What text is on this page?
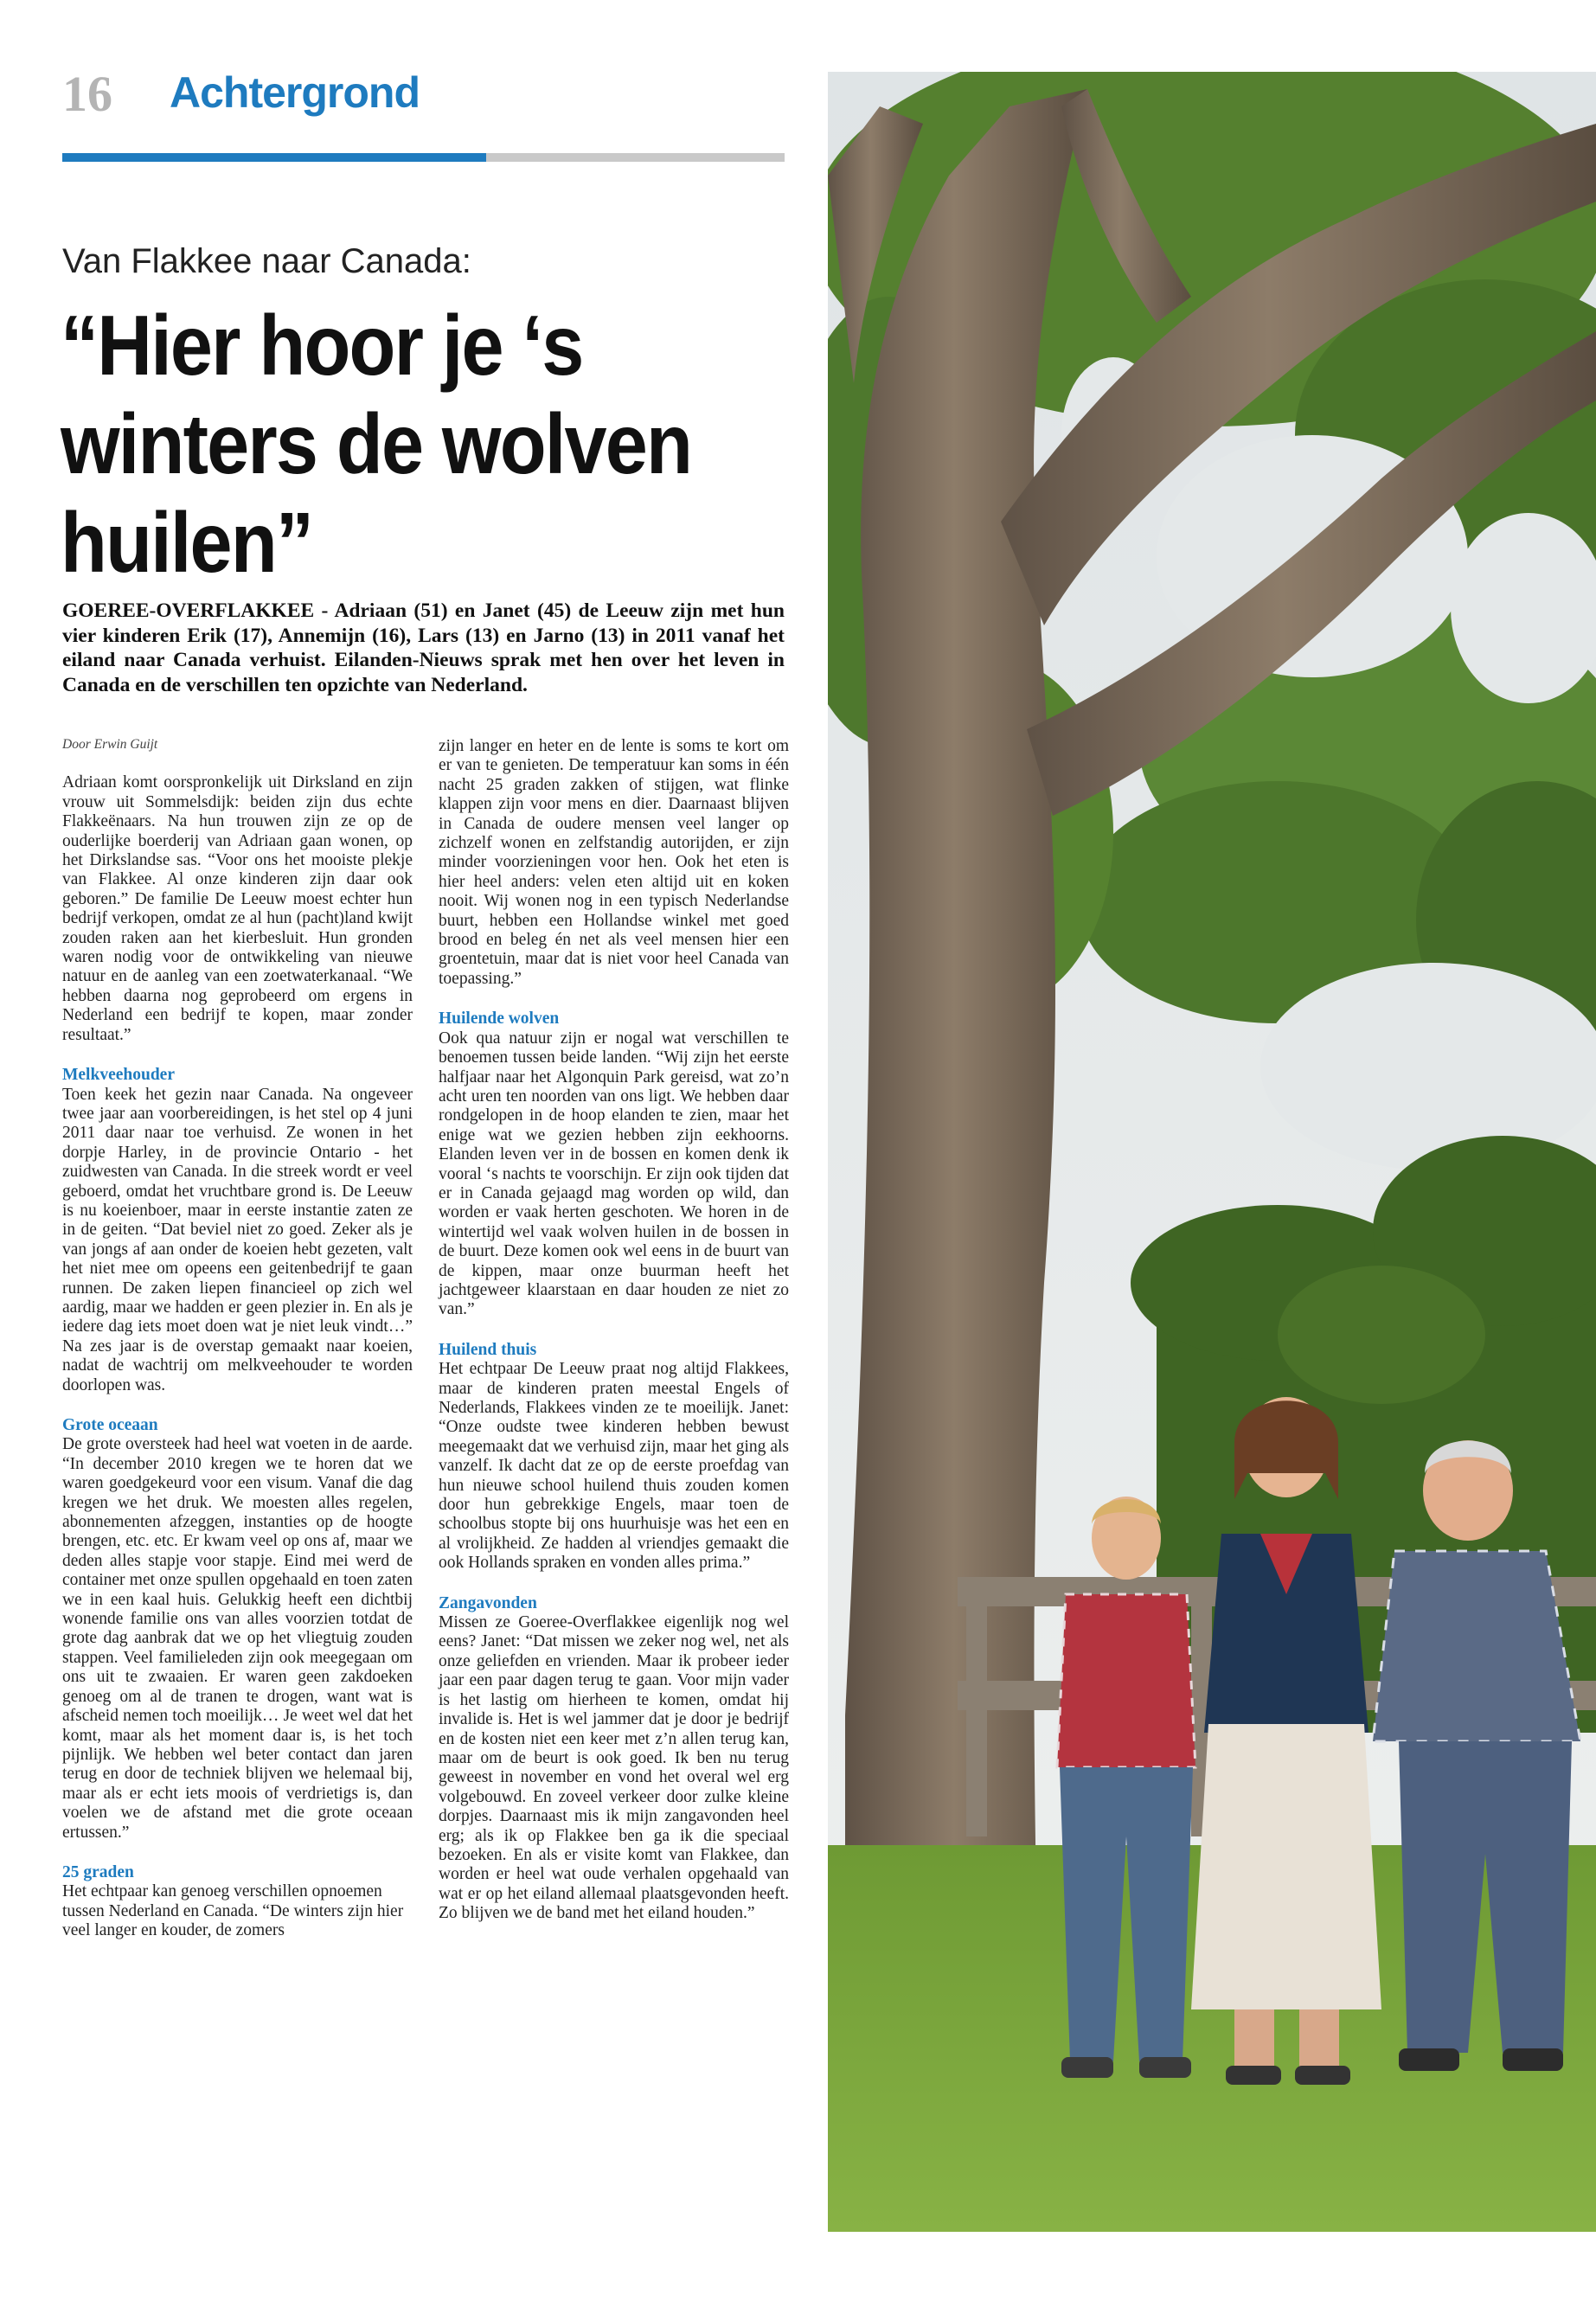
16 Achtergrond
Van Flakkee naar Canada:
“Hier hoor je ‘s winters de wolven huilen”

GOEREE-OVERFLAKKEE - Adriaan (51) en Janet (45) de Leeuw zijn met hun vier kinderen Erik (17), Annemijn (16), Lars (13) en Jarno (13) in 2011 vanaf het eiland naar Canada verhuist. Eilanden-Nieuws sprak met hen over het leven in Canada en de verschillen ten opzichte van Nederland.

Door Erwin Guijt

Adriaan komt oorspronkelijk uit Dirksland en zijn vrouw uit Sommelsdijk: beiden zijn dus echte Flakkeënaars. Na hun trouwen zijn ze op de ouderlijke boerderij van Adriaan gaan wonen, op het Dirkslandse sas. “Voor ons het mooiste plekje van Flakkee. Al onze kinderen zijn daar ook geboren.” De familie De Leeuw moest echter hun bedrijf verkopen, omdat ze al hun (pacht)land kwijt zouden raken aan het kierbesluit. Hun gronden waren nodig voor de ontwikkeling van nieuwe natuur en de aanleg van een zoetwaterkanaal. “We hebben daarna nog geprobeerd om ergens in Nederland een bedrijf te kopen, maar zonder resultaat.”

Melkveehouder

Toen keek het gezin naar Canada. Na ongeveer twee jaar aan voorbereidingen, is het stel op 4 juni 2011 daar naar toe verhuisd. Ze wonen in het dorpje Harley, in de provincie Ontario - het zuidwesten van Canada. In die streek wordt er veel geboerd, omdat het vruchtbare grond is. De Leeuw is nu koeienboer, maar in eerste instantie zaten ze in de geiten. “Dat beviel niet zo goed. Zeker als je van jongs af aan onder de koeien hebt gezeten, valt het niet mee om opeens een geitenbedrijf te gaan runnen. De zaken liepen financieel op zich wel aardig, maar we hadden er geen plezier in. En als je iedere dag iets moet doen wat je niet leuk vindt…” Na zes jaar is de overstap gemaakt naar koeien, nadat de wachtrij om melkveehouder te worden doorlopen was.

Grote oceaan

De grote oversteek had heel wat voeten in de aarde. “In december 2010 kregen we te horen dat we waren goedgekeurd voor een visum. Vanaf die dag kregen we het druk. We moesten alles regelen, abonnementen afzeggen, instanties op de hoogte brengen, etc. etc. Er kwam veel op ons af, maar we deden alles stapje voor stapje. Eind mei werd de container met onze spullen opgehaald en toen zaten we in een kaal huis. Gelukkig heeft een dichtbij wonende familie ons van alles voorzien totdat de grote dag aanbrak dat we op het vliegtuig zouden stappen. Veel familieleden zijn ook meegegaan om ons uit te zwaaien. Er waren geen zakdoeken genoeg om al de tranen te drogen, want wat is afscheid nemen toch moeilijk… Je weet wel dat het komt, maar als het moment daar is, is het toch pijnlijk. We hebben wel beter contact dan jaren terug en door de techniek blijven we helemaal bij, maar als er echt iets moois of verdrietigs is, dan voelen we de afstand met die grote oceaan ertussen.”

25 graden

Het echtpaar kan genoeg verschillen opnoemen tussen Nederland en Canada. “De winters zijn hier veel langer en kouder, de zomers

zijn langer en heter en de lente is soms te kort om er van te genieten. De temperatuur kan soms in één nacht 25 graden zakken of stijgen, wat flinke klappen zijn voor mens en dier. Daarnaast blijven in Canada de oudere mensen veel langer op zichzelf wonen en zelfstandig autorijden, er zijn minder voorzieningen voor hen. Ook het eten is hier heel anders: velen eten altijd uit en koken nooit. Wij wonen nog in een typisch Nederlandse buurt, hebben een Hollandse winkel met goed brood en beleg én net als veel mensen hier een groentetuin, maar dat is niet voor heel Canada van toepassing.”

Huilende wolven

Ook qua natuur zijn er nogal wat verschillen te benoemen tussen beide landen. “Wij zijn het eerste halfjaar naar het Algonquin Park gereisd, wat zo’n acht uren ten noorden van ons ligt. We hebben daar rondgelopen in de hoop elanden te zien, maar het enige wat we gezien hebben zijn eekhoorns. Elanden leven ver in de bossen en komen denk ik vooral ‘s nachts te voorschijn. Er zijn ook tijden dat er in Canada gejaagd mag worden op wild, dan worden er vaak herten geschoten. We horen in de wintertijd wel vaak wolven huilen in de bossen in de buurt. Deze komen ook wel eens in de buurt van de kippen, maar onze buurman heeft het jachtgeweer klaarstaan en daar houden ze niet zo van.”

Huilend thuis

Het echtpaar De Leeuw praat nog altijd Flakkees, maar de kinderen praten meestal Engels of Nederlands, Flakkees vinden ze te moeilijk. Janet: “Onze oudste twee kinderen hebben bewust meegemaakt dat we verhuisd zijn, maar het ging als vanzelf. Ik dacht dat ze op de eerste proefdag van hun nieuwe school huilend thuis zouden komen door hun gebrekkige Engels, maar toen de schoolbus stopte bij ons huurhuisje was het een en al vrolijkheid. Ze hadden al vriendjes gemaakt die ook Hollands spraken en vonden alles prima.”

Zangavonden

Missen ze Goeree-Overflakkee eigenlijk nog wel eens? Janet: “Dat missen we zeker nog wel, net als onze geliefden en vrienden. Maar ik probeer ieder jaar een paar dagen terug te gaan. Voor mijn vader is het lastig om hierheen te komen, omdat hij invalide is. Het is wel jammer dat je door je bedrijf en de kosten niet een keer met z’n allen terug kan, maar om de beurt is ook goed. Ik ben nu terug geweest in november en vond het overal wel erg volgebouwd. En zoveel verkeer door zulke kleine dorpjes. Daarnaast mis ik mijn zangavonden heel erg; als ik op Flakkee ben ga ik die speciaal bezoeken. En als er visite komt van Flakkee, dan worden er heel wat oude verhalen opgehaald van wat er op het eiland allemaal plaatsgevonden heeft. Zo blijven we de band met het eiland houden.”
